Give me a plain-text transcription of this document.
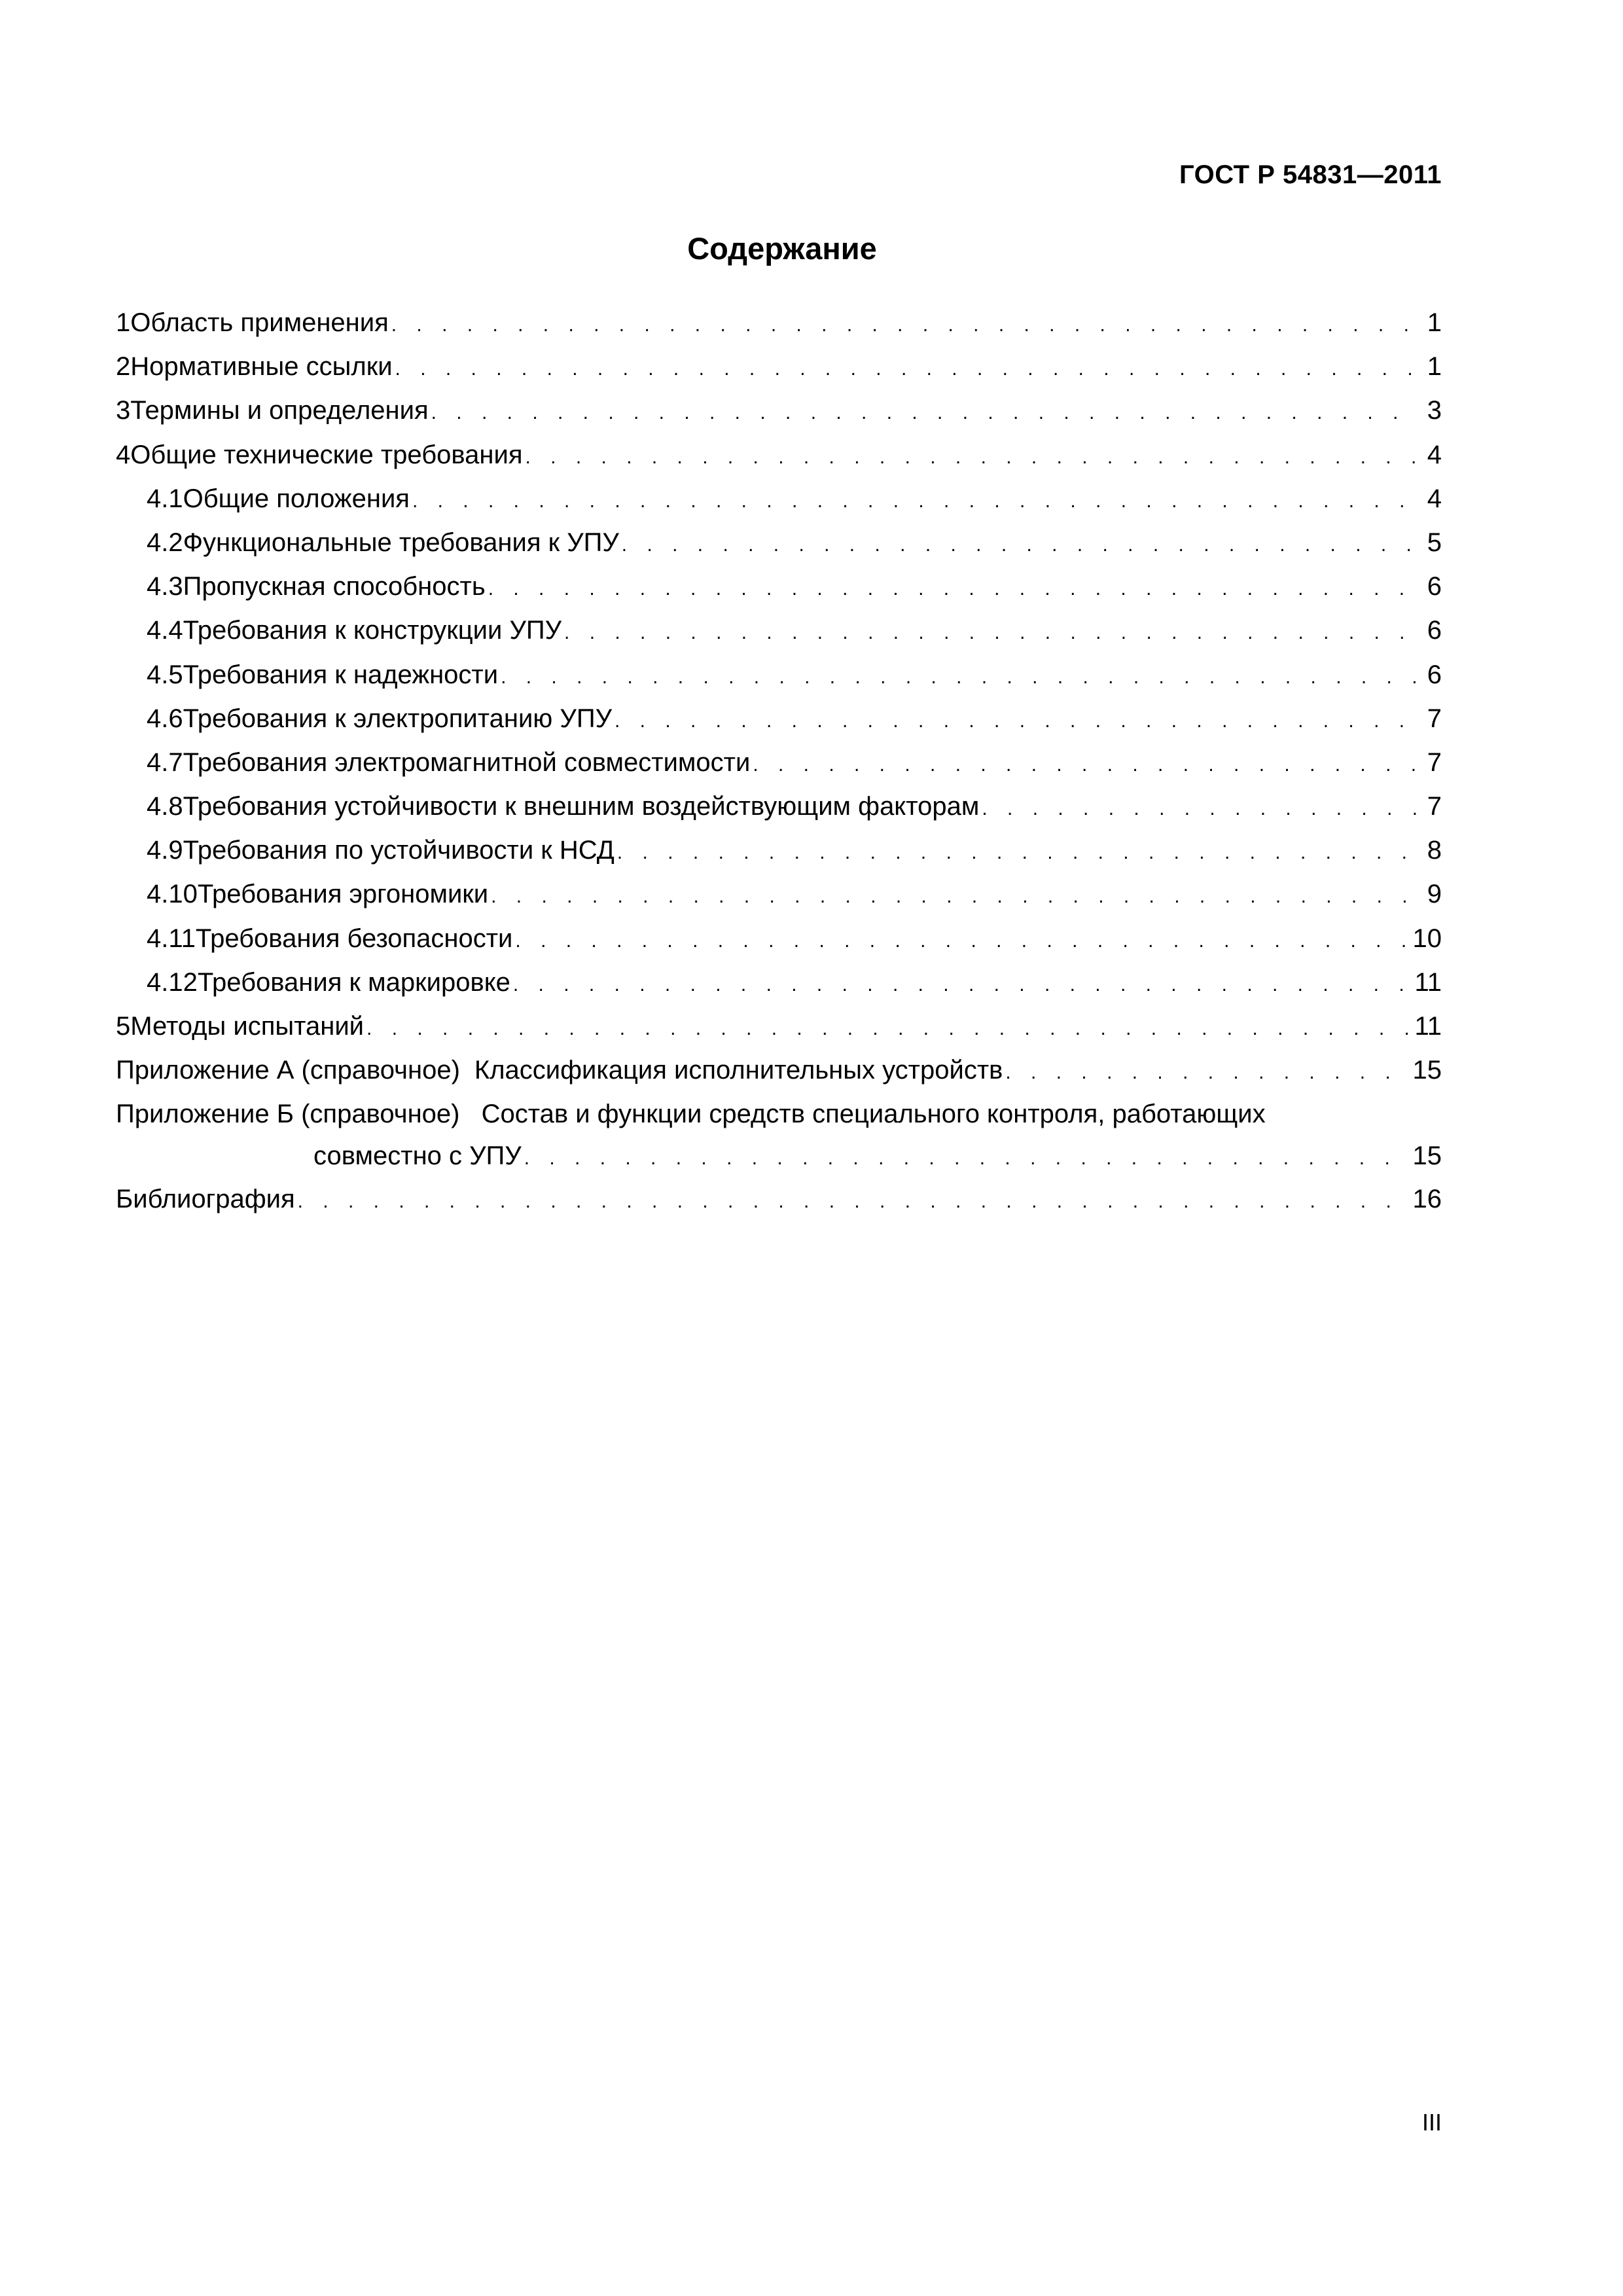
ГОСТ Р 54831—2011
Содержание
1 Область применения . . .	1
2 Нормативные ссылки . . .	1
3 Термины и определения . . .	3
4 Общие технические требования . . .	4
4.1 Общие положения . . .	4
4.2 Функциональные требования к УПУ . . .	5
4.3 Пропускная способность . . .	6
4.4 Требования к конструкции УПУ . . .	6
4.5 Требования к надежности . . .	6
4.6 Требования к электропитанию УПУ . . .	7
4.7 Требования электромагнитной совместимости . . .	7
4.8 Требования устойчивости к внешним воздействующим факторам . . .	7
4.9 Требования по устойчивости к НСД . . .	8
4.10 Требования эргономики . . .	9
4.11 Требования безопасности . . .	10
4.12 Требования к маркировке . . .	11
5 Методы испытаний . . .	11
Приложение А (справочное) Классификация исполнительных устройств . . .	15
Приложение Б (справочное) Состав и функции средств специального контроля, работающих
совместно с УПУ . . .	15
Библиография . . .	16
III
